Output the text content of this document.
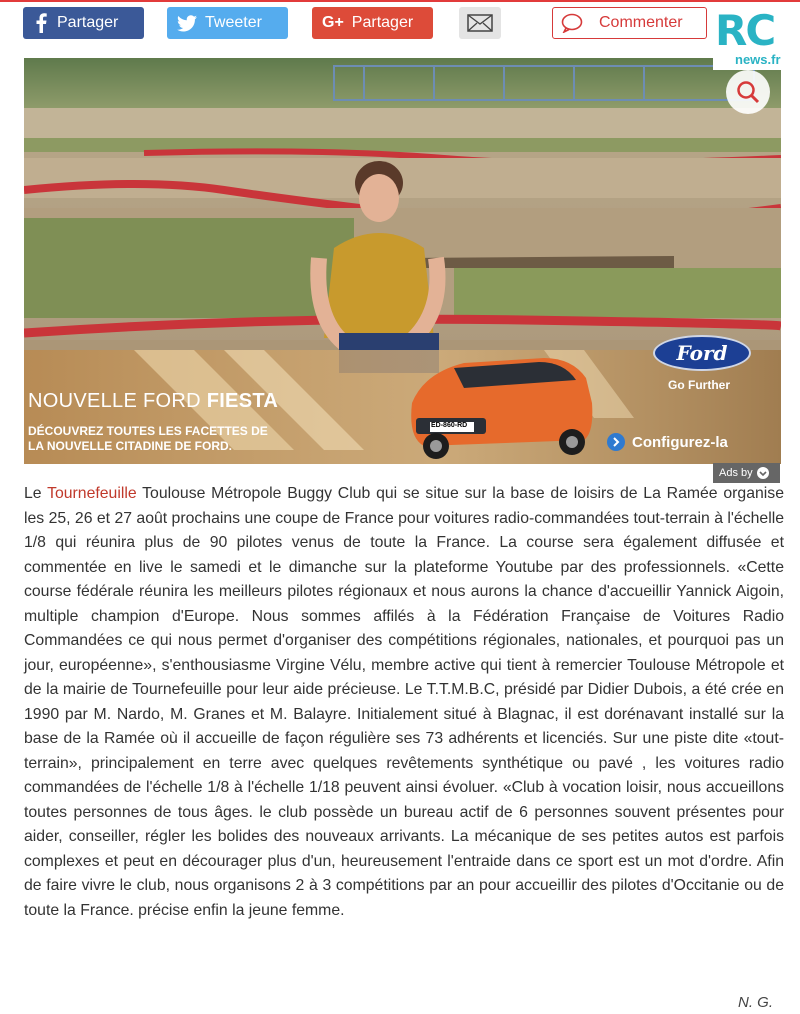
Partager	Tweeter	G+ Partager	Commenter RC
news.fr
NOUVELLE FORD FIESTA
DÉCOUVREZ TOUTES LES FACETTES DE
LA NOUVELLE CITADINE DE FORD.
Ford
Go Further
ED-860-RD
Configurez-la
Ads by
Le Tournefeuille Toulouse Métropole Buggy Club qui se situe sur la base de loisirs de La Ramée organise les 25, 26 et 27 août prochains une coupe de France pour voitures radio-commandées tout-terrain à l'échelle 1/8 qui réunira plus de 90 pilotes venus de toute la France. La course sera également diffusée et commentée en live le samedi et le dimanche sur la plateforme Youtube par des professionnels. «Cette course fédérale réunira les meilleurs pilotes régionaux et nous aurons la chance d'accueillir Yannick Aigoin, multiple champion d'Europe. Nous sommes affilés à la Fédération Française de Voitures Radio Commandées ce qui nous permet d'organiser des compétitions régionales, nationales, et pourquoi pas un jour, européenne», s'enthousiasme Virgine Vélu, membre active qui tient à remercier Toulouse Métropole et de la mairie de Tournefeuille pour leur aide précieuse. Le T.T.M.B.C, présidé par Didier Dubois, a été crée en 1990 par M. Nardo, M. Granes et M. Balayre. Initialement situé à Blagnac, il est dorénavant installé sur la base de la Ramée où il accueille de façon régulière ses 73 adhérents et licenciés. Sur une piste dite «tout-terrain», principalement en terre avec quelques revêtements synthétique ou pavé , les voitures radio commandées de l'échelle 1/8 à l'échelle 1/18 peuvent ainsi évoluer. «Club à vocation loisir, nous accueillons toutes personnes de tous âges. le club possède un bureau actif de 6 personnes souvent présentes pour aider, conseiller, régler les bolides des nouveaux arrivants. La mécanique de ses petites autos est parfois complexes et peut en décourager plus d'un, heureusement l'entraide dans ce sport est un mot d'ordre. Afin de faire vivre le club, nous organisons 2 à 3 compétitions par an pour accueillir des pilotes d'Occitanie ou de toute la France. précise enfin la jeune femme.
N. G.
